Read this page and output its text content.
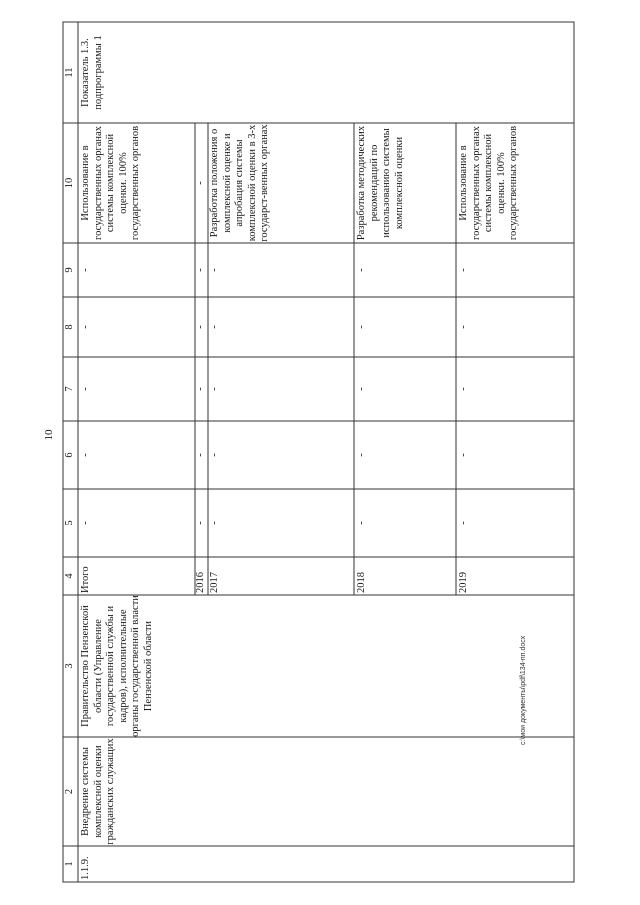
10
1
2
3
4
5
6
7
8
9
10
11
1.1.9.
Внедрение системы комплексной оценки гражданских служащих
Правительство Пензенской области (Управление государственной службы и кадров), исполнительные органы государственной власти Пензенской области
Показатель 1.3. подпрограммы 1
Итого
-
-
-
-
-
Использование в государственных органах системы комплексной оценки. 100% государственных органов
2016
-
-
-
-
-
-
2017
-
-
-
-
-
Разработка положения о комплексной оценке и апробация системы комплексной оценки в 3-х государст-венных органах
2018
-
-
-
-
-
Разработка методических рекомендаций по использованию системы комплексной оценки
2019
-
-
-
-
-
Использование в государственных органах системы комплексной оценки. 100% государственных органов
c:\мои документы\pdf\134-пп.docx
